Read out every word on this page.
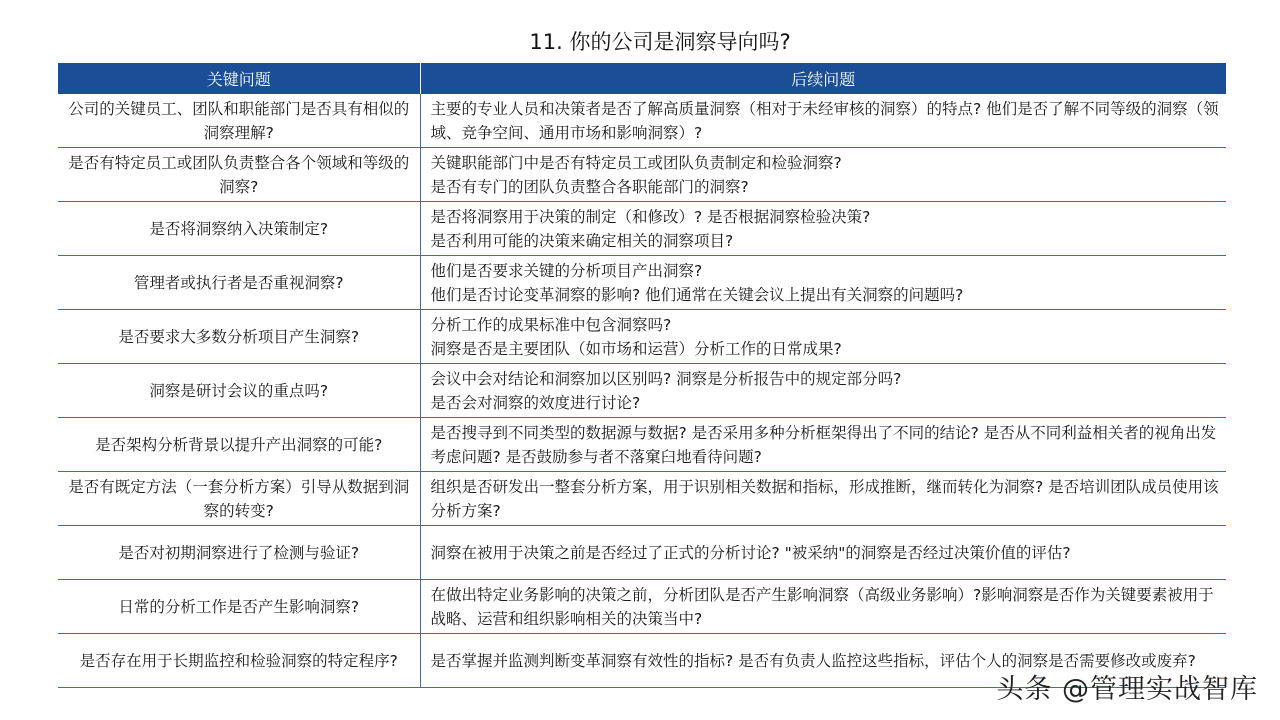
11. 你的公司是洞察导向吗?
关键问题	后续问题
公司的关键员工、团队和职能部门是否具有相似的洞察理解?	主要的专业人员和决策者是否了解高质量洞察（相对于未经审核的洞察）的特点? 他们是否了解不同等级的洞察（领域、竞争空间、通用市场和影响洞察）?

是否有特定员工或团队负责整合各个领域和等级的洞察?	关键职能部门中是否有特定员工或团队负责制定和检验洞察?
是否有专门的团队负责整合各职能部门的洞察?

是否将洞察纳入决策制定?	是否将洞察用于决策的制定（和修改）? 是否根据洞察检验决策?
是否利用可能的决策来确定相关的洞察项目?

管理者或执行者是否重视洞察?	他们是否要求关键的分析项目产出洞察?
他们是否讨论变革洞察的影响? 他们通常在关键会议上提出有关洞察的问题吗?

是否要求大多数分析项目产生洞察?	分析工作的成果标准中包含洞察吗?
洞察是否是主要团队（如市场和运营）分析工作的日常成果?

洞察是研讨会议的重点吗?	会议中会对结论和洞察加以区别吗? 洞察是分析报告中的规定部分吗?
是否会对洞察的效度进行讨论?

是否架构分析背景以提升产出洞察的可能?	是否搜寻到不同类型的数据源与数据? 是否采用多种分析框架得出了不同的结论? 是否从不同利益相关者的视角出发考虑问题? 是否鼓励参与者不落窠臼地看待问题?

是否有既定方法（一套分析方案）引导从数据到洞察的转变?	组织是否研发出一整套分析方案，用于识别相关数据和指标，形成推断，继而转化为洞察? 是否培训团队成员使用该分析方案?

是否对初期洞察进行了检测与验证?	洞察在被用于决策之前是否经过了正式的分析讨论? "被采纳"的洞察是否经过决策价值的评估?

日常的分析工作是否产生影响洞察?	在做出特定业务影响的决策之前，分析团队是否产生影响洞察（高级业务影响）?影响洞察是否作为关键要素被用于战略、运营和组织影响相关的决策当中?

是否存在用于长期监控和检验洞察的特定程序?	是否掌握并监测判断变革洞察有效性的指标? 是否有负责人监控这些指标，评估个人的洞察是否需要修改或废弃?
头条 @管理实战智库
